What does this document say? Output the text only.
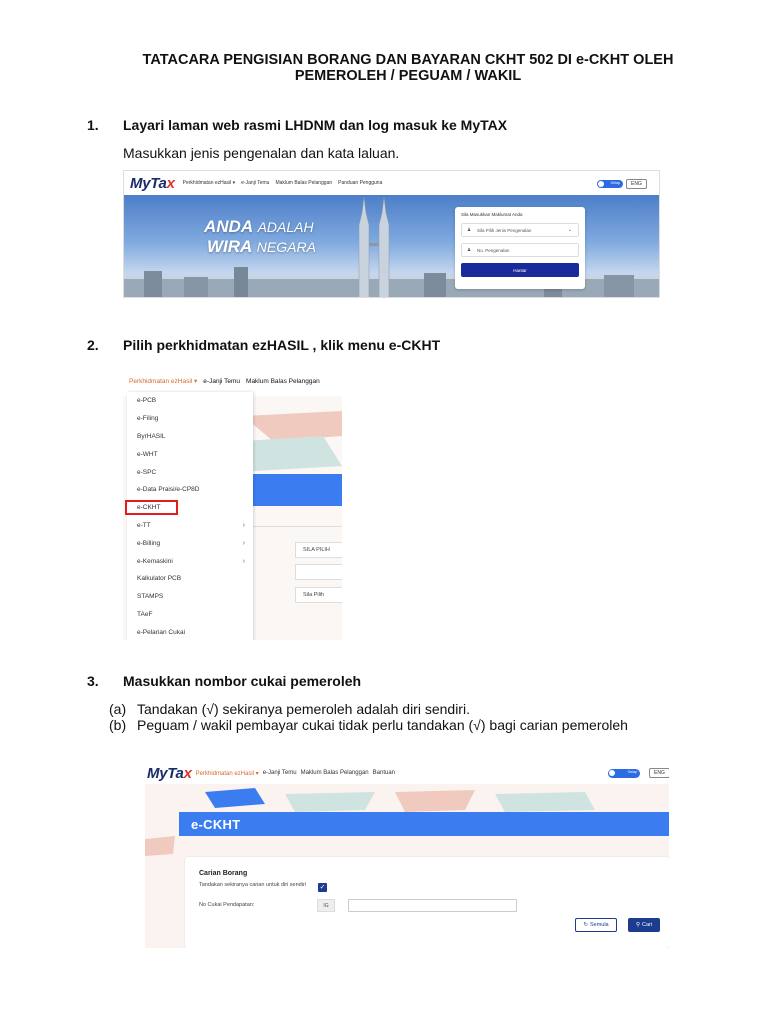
TATACARA PENGISIAN BORANG DAN BAYARAN CKHT 502 DI e-CKHT OLEH
PEMEROLEH / PEGUAM / WAKIL
1. Layari laman web rasmi LHDNM dan log masuk ke MyTAX
Masukkan jenis pengenalan dan kata laluan.
MyTax Perkhidmatan ezHasil ▾ e-Janji Temu Maklum Balas Pelanggan Panduan Pengguna	Gelap	ENG
ANDA ADALAH
WIRA NEGARA
Sila Masukkan Maklumat Anda
♟ Sila Pilih Jenis Pengenalan	⌄
♟ No. Pengenalan
Hantar
2. Pilih perkhidmatan ezHASIL , klik menu e-CKHT
Perkhidmatan ezHasil ▾ e-Janji Temu Maklum Balas Pelanggan
SILA PILIH
Sila Pilih
e-PCB
e-Filing
ByrHASIL
e-WHT
e-SPC
e-Data Praisi/e-CP8D
e-CKHT
e-TT	›
e-Billing	›
e-Kemaskini	›
Kalkulator PCB
STAMPS
TAeF
e-Pelarian Cukai
3. Masukkan nombor cukai pemeroleh
(a) Tandakan (√) sekiranya pemeroleh adalah diri sendiri.
(b) Peguam / wakil pembayar cukai tidak perlu tandakan (√) bagi carian pemeroleh
MyTax Perkhidmatan ezHasil ▾ e-Janji Temu Maklum Balas Pelanggan Bantuan	Gelap	ENG
e-CKHT
Carian Borang
Tandakan sekiranya carian untuk diri sendiri	✓
No Cukai Pendapatan:	IG
↻ Semula	⚲ Cari
